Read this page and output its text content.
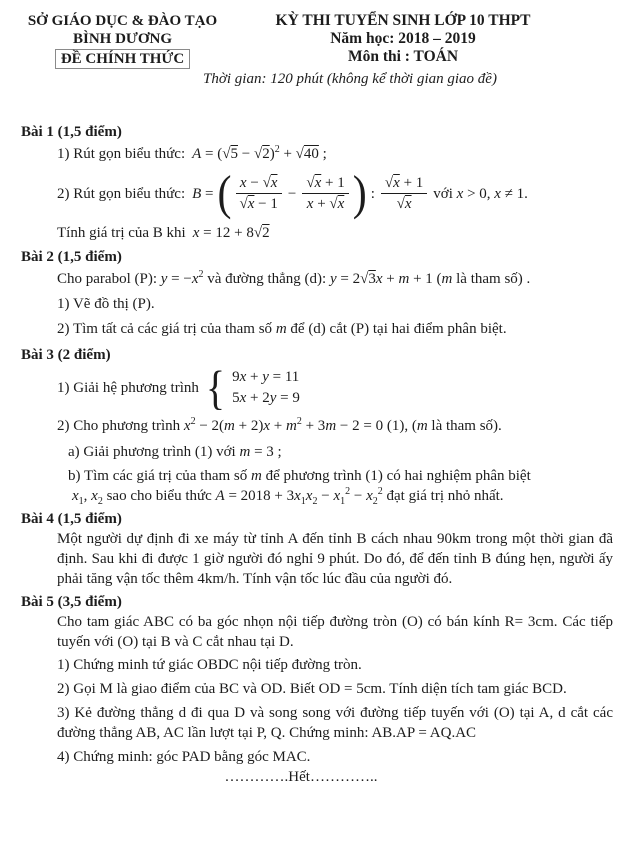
SỞ GIÁO DỤC & ĐÀO TẠO
BÌNH DƯƠNG
ĐỀ CHÍNH THỨC
KỲ THI TUYỂN SINH LỚP 10 THPT
Năm học: 2018 – 2019
Môn thi : TOÁN
Thời gian: 120 phút (không kể thời gian giao đề)
Bài 1 (1,5 điểm)
1) Rút gọn biểu thức: $A = (√5 - √2)^2 + √40$ ;
2) Rút gọn biểu thức: B = ( $\frac{x - √x}{√x - 1} - \frac{√x + 1}{x + √x}$ ) : $\frac{√x + 1}{√x}$ với x > 0, x ≠ 1.
Tính giá trị của B khi x = 12 + 8√2
Bài 2 (1,5 điểm)
Cho parabol (P): $y = -x^2$ và đường thẳng (d): y = 2√3x + m + 1 (m là tham số) .
1) Vẽ đồ thị (P).
2) Tìm tất cả các giá trị của tham số m để (d) cắt (P) tại hai điểm phân biệt.
Bài 3 (2 điểm)
1) Giải hệ phương trình { 9x + y = 11
5x + 2y = 9
2) Cho phương trình $x^2 - 2(m + 2)x + m^2 + 3m - 2 = 0$ (1), (m là tham số).
a) Giải phương trình (1) với m = 3 ;
b) Tìm các giá trị của tham số m để phương trình (1) có hai nghiệm phân biệt
$x_1$, $x_2$ sao cho biểu thức $A = 2018 + 3x_1x_2 - x_1^2 - x_2^2$ đạt giá trị nhỏ nhất.
Bài 4 (1,5 điểm)
Một người dự định đi xe máy từ tỉnh A đến tỉnh B cách nhau 90km trong một thời gian đã định. Sau khi đi được 1 giờ người đó nghỉ 9 phút. Do đó, để đến tỉnh B đúng hẹn, người ấy phải tăng vận tốc thêm 4km/h. Tính vận tốc lúc đầu của người đó.
Bài 5 (3,5 điểm)
Cho tam giác ABC có ba góc nhọn nội tiếp đường tròn (O) có bán kính R= 3cm. Các tiếp tuyến với (O) tại B và C cắt nhau tại D.
1) Chứng minh tứ giác OBDC nội tiếp đường tròn.
2) Gọi M là giao điểm của BC và OD. Biết OD = 5cm. Tính diện tích tam giác BCD.
3) Kẻ đường thẳng d đi qua D và song song với đường tiếp tuyến với (O) tại A, d cắt các đường thẳng AB, AC lần lượt tại P, Q. Chứng minh: AB.AP = AQ.AC
4) Chứng minh: góc PAD bằng góc MAC.
………….Hết…………..
